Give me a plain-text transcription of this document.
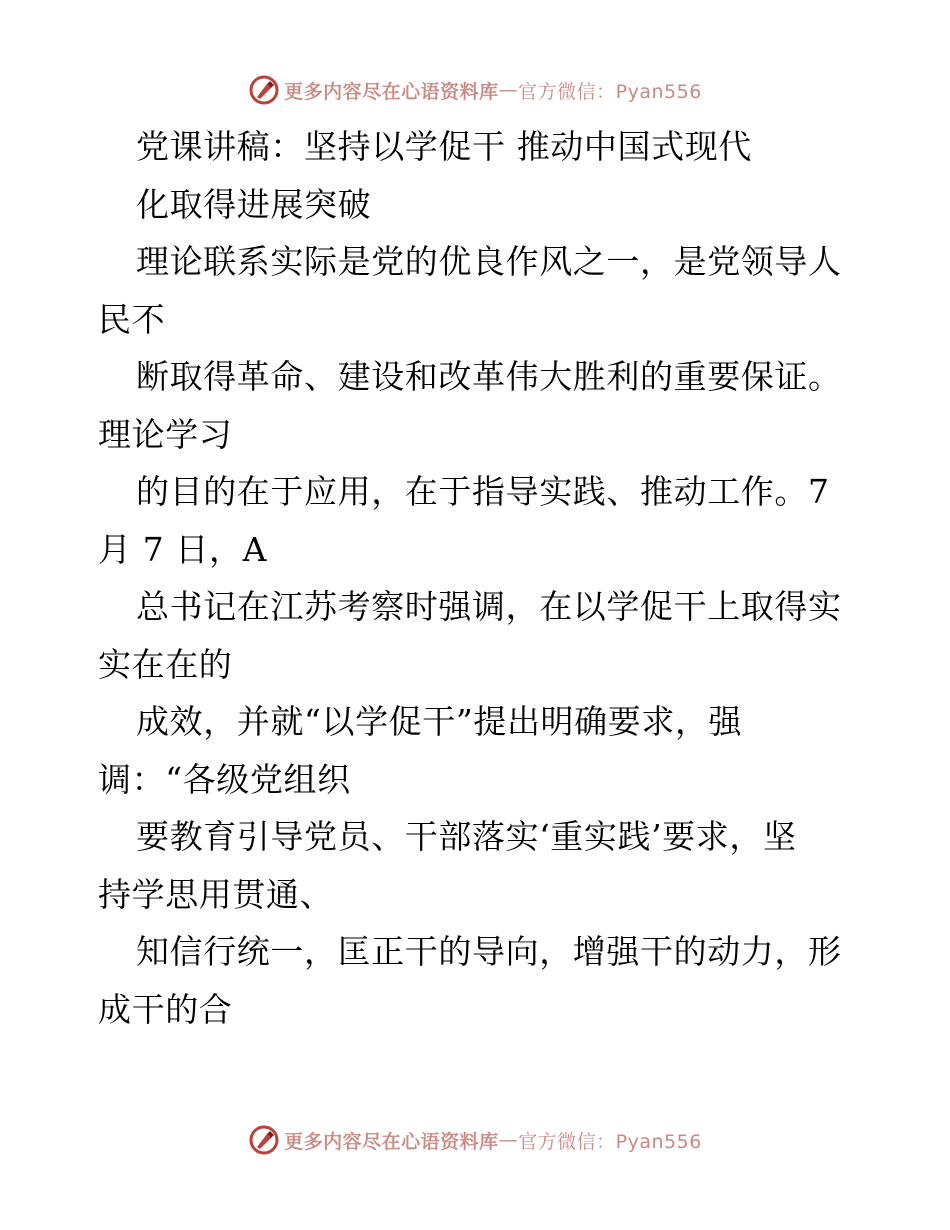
更多内容尽在心语资料库 — 官方微信：Pyan556
党课讲稿：坚持以学促干 推动中国式现代
化取得进展突破
理论联系实际是党的优良作风之一，是党领导人
民不
断取得革命、建设和改革伟大胜利的重要保证。
理论学习
的目的在于应用，在于指导实践、推动工作。7
月 7 日，A
总书记在江苏考察时强调，在以学促干上取得实
实在在的
成效，并就“以学促干”提出明确要求，强
调：“各级党组织
要教育引导党员、干部落实‘重实践’要求，坚
持学思用贯通、
知信行统一，匡正干的导向，增强干的动力，形
成干的合
更多内容尽在心语资料库 — 官方微信：Pyan556
